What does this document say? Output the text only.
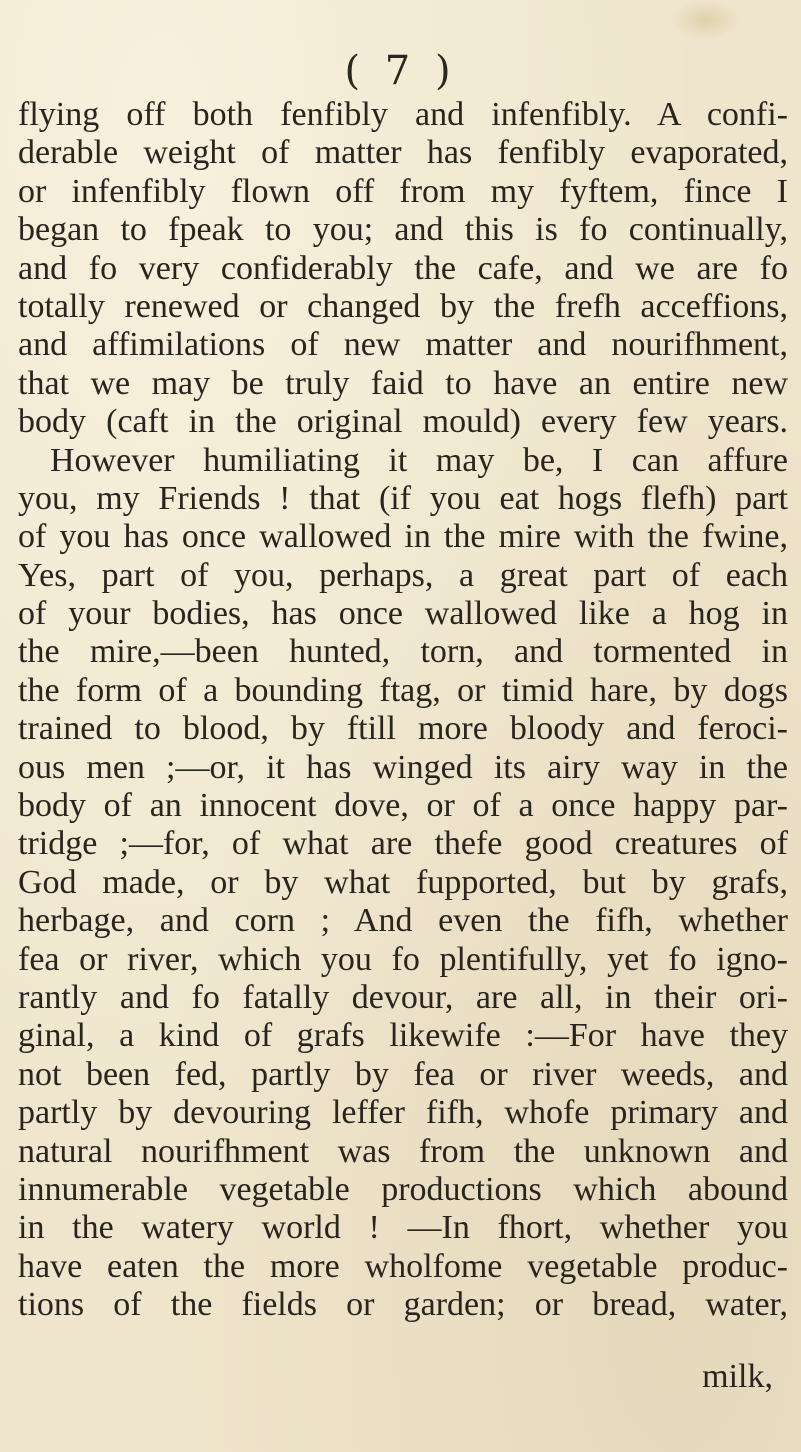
( 7 )
flying off both fenfibly and infenfibly. A confi-
derable weight of matter has fenfibly evaporated,
or infenfibly flown off from my fyftem, fince I
began to fpeak to you; and this is fo continually,
and fo very confiderably the cafe, and we are fo
totally renewed or changed by the frefh acceffions,
and affimilations of new matter and nourifhment,
that we may be truly faid to have an entire new
body (caft in the original mould) every few years.
However humiliating it may be, I can affure
you, my Friends ! that (if you eat hogs flefh) part
of you has once wallowed in the mire with the fwine,
Yes, part of you, perhaps, a great part of each
of your bodies, has once wallowed like a hog in
the mire,—been hunted, torn, and tormented in
the form of a bounding ftag, or timid hare, by dogs
trained to blood, by ftill more bloody and feroci-
ous men ;—or, it has winged its airy way in the
body of an innocent dove, or of a once happy par-
tridge ;—for, of what are thefe good creatures of
God made, or by what fupported, but by grafs,
herbage, and corn ; And even the fifh, whether
fea or river, which you fo plentifully, yet fo igno-
rantly and fo fatally devour, are all, in their ori-
ginal, a kind of grafs likewife :—For have they
not been fed, partly by fea or river weeds, and
partly by devouring leffer fifh, whofe primary and
natural nourifhment was from the unknown and
innumerable vegetable productions which abound
in the watery world ! —In fhort, whether you
have eaten the more wholfome vegetable produc-
tions of the fields or garden; or bread, water,
milk,
